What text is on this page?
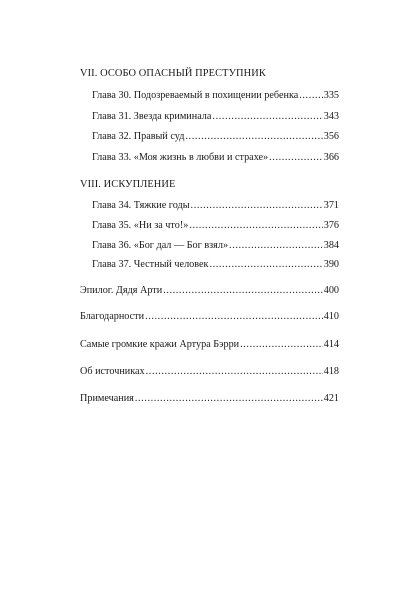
VII. ОСОБО ОПАСНЫЙ ПРЕСТУПНИК
Глава 30. Подозреваемый в похищении ребенка ..... 335
Глава 31. Звезда криминала .....	343
Глава 32. Правый суд .....	356
Глава 33. «Моя жизнь в любви и страхе» .....	366
VIII. ИСКУПЛЕНИЕ
Глава 34. Тяжкие годы .....	371
Глава 35. «Ни за что!» .....	376
Глава 36. «Бог дал — Бог взял» .....	384
Глава 37. Честный человек .....	390
Эпилог. Дядя Арти .....	400
Благодарности .....	410
Самые громкие кражи Артура Бэрри .....	414
Об источниках .....	418
Примечания .....	421
